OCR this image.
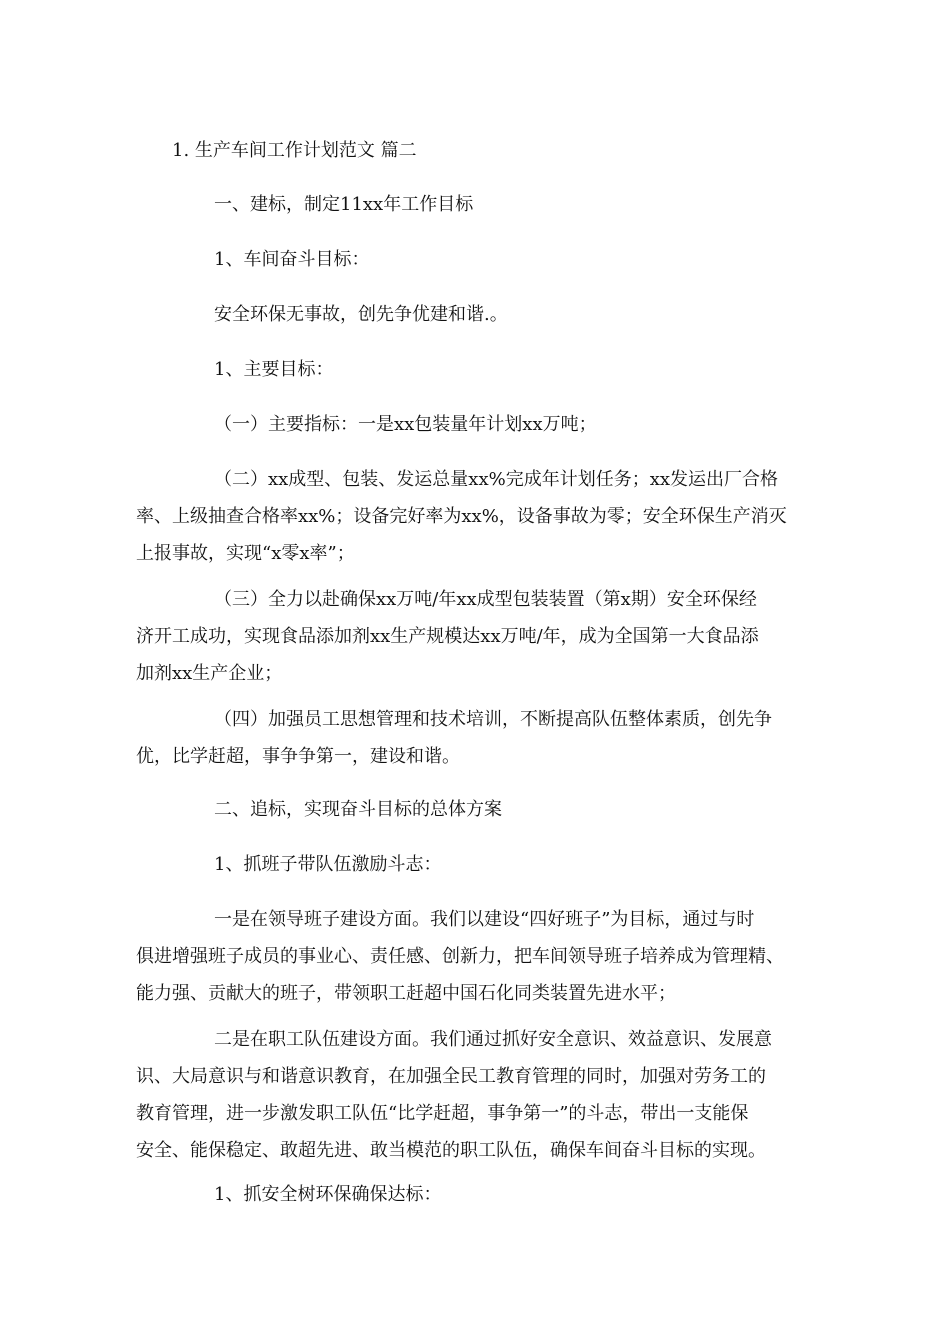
1. 生产车间工作计划范文 篇二

一、建标，制定11xx年工作目标

1、车间奋斗目标：

安全环保无事故，创先争优建和谐.。

1、主要目标：

（一）主要指标：一是xx包装量年计划xx万吨；

（二）xx成型、包装、发运总量xx%完成年计划任务；xx发运出厂合格
率、上级抽查合格率xx%；设备完好率为xx%，设备事故为零；安全环保生产消灭
上报事故，实现“x零x率”；
（三）全力以赴确保xx万吨/年xx成型包装装置（第x期）安全环保经
济开工成功，实现食品添加剂xx生产规模达xx万吨/年，成为全国第一大食品添
加剂xx生产企业；
（四）加强员工思想管理和技术培训，不断提高队伍整体素质，创先争
优，比学赶超，事争争第一，建设和谐。

二、追标，实现奋斗目标的总体方案

1、抓班子带队伍激励斗志：

一是在领导班子建设方面。我们以建设“四好班子”为目标，通过与时
俱进增强班子成员的事业心、责任感、创新力，把车间领导班子培养成为管理精、
能力强、贡献大的班子，带领职工赶超中国石化同类装置先进水平；
二是在职工队伍建设方面。我们通过抓好安全意识、效益意识、发展意
识、大局意识与和谐意识教育，在加强全民工教育管理的同时，加强对劳务工的
教育管理，进一步激发职工队伍“比学赶超，事争第一”的斗志，带出一支能保
安全、能保稳定、敢超先进、敢当模范的职工队伍，确保车间奋斗目标的实现。

1、抓安全树环保确保达标：
